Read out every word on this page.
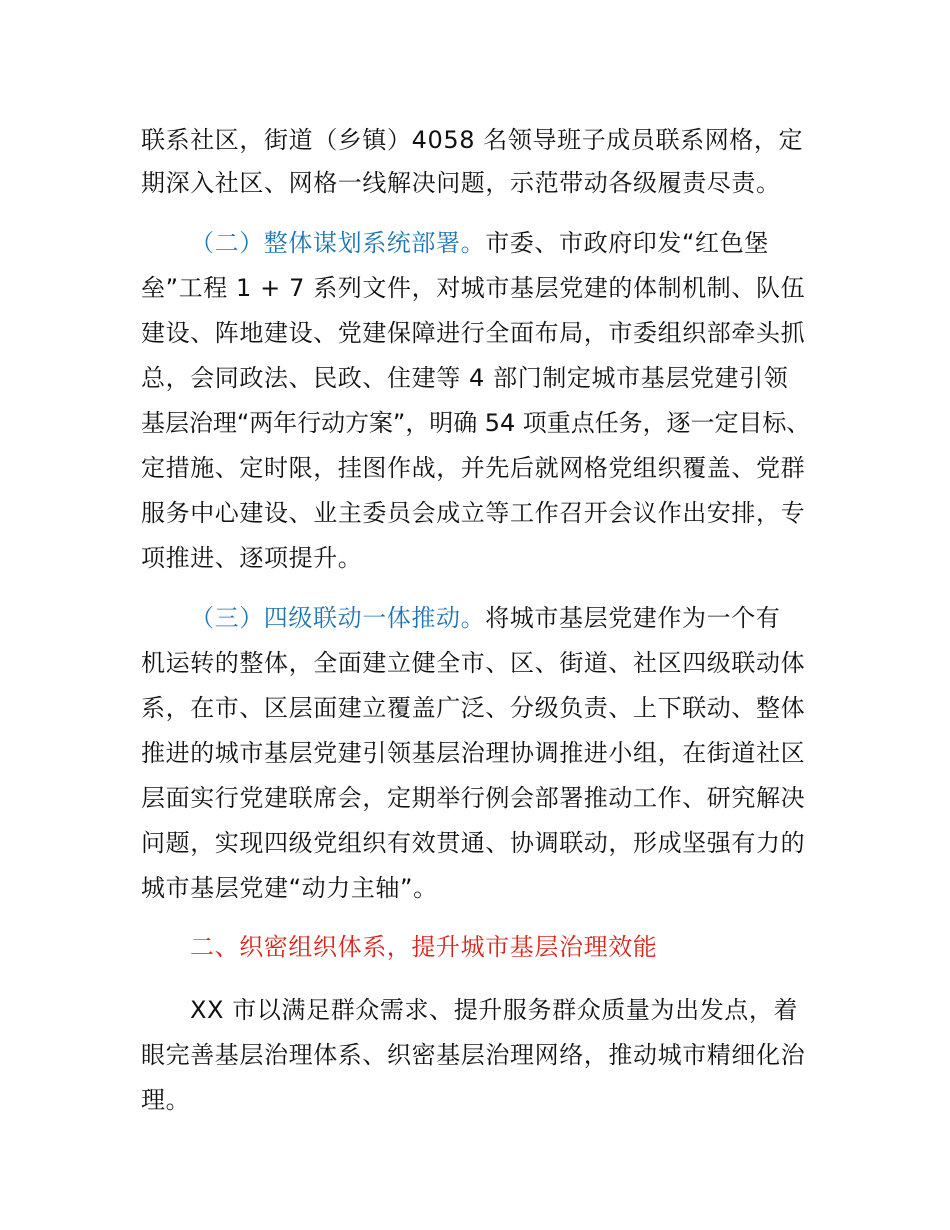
联系社区，街道（乡镇）4058 名领导班子成员联系网格，定
期深入社区、网格一线解决问题，示范带动各级履责尽责。
（二）整体谋划系统部署。市委、市政府印发“红色堡
垒”工程 1 + 7 系列文件，对城市基层党建的体制机制、队伍
建设、阵地建设、党建保障进行全面布局，市委组织部牵头抓
总，会同政法、民政、住建等 4 部门制定城市基层党建引领
基层治理“两年行动方案”，明确 54 项重点任务，逐一定目标、
定措施、定时限，挂图作战，并先后就网格党组织覆盖、党群
服务中心建设、业主委员会成立等工作召开会议作出安排，专
项推进、逐项提升。
（三）四级联动一体推动。将城市基层党建作为一个有
机运转的整体，全面建立健全市、区、街道、社区四级联动体
系，在市、区层面建立覆盖广泛、分级负责、上下联动、整体
推进的城市基层党建引领基层治理协调推进小组，在街道社区
层面实行党建联席会，定期举行例会部署推动工作、研究解决
问题，实现四级党组织有效贯通、协调联动，形成坚强有力的
城市基层党建“动力主轴”。
二、织密组织体系，提升城市基层治理效能
XX 市以满足群众需求、提升服务群众质量为出发点，着
眼完善基层治理体系、织密基层治理网络，推动城市精细化治
理。
